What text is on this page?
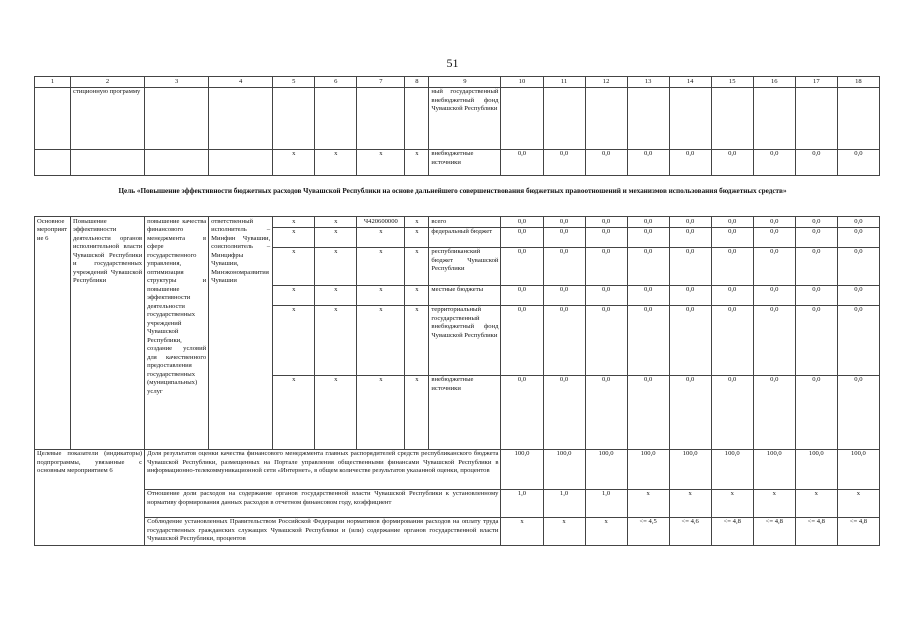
51
1	2	3	4	5	6	7	8	9	10	11	12	13	14	15	16	17	18
	стиционную программу							ный государственный внебюджетный фонд Чувашской Республики									
				х	х	х	х	внебюджетные источники	0,0	0,0	0,0	0,0	0,0	0,0	0,0	0,0	0,0
Цель «Повышение эффективности бюджетных расходов Чувашской Республики на основе дальнейшего совершенствования бюджетных правоотношений и механизмов использования бюджетных средств»
Основное мероприятие 6	Повышение эффективности деятельности органов исполнительной власти Чувашской Республики и государственных учреждений Чувашской Республики	повышение качества финансового менеджмента в сфере государственного управления, оптимизация структуры и повышение эффективности деятельности государственных учреждений Чувашской Республики, создание условий для качественного предоставления государственных (муниципальных) услуг	ответственный исполнитель – Минфин Чувашии, соисполнитель – Минцифры Чувашии, Минэкономразвития Чувашии	х	х	Ч420600000	х	всего	0,0	0,0	0,0	0,0	0,0	0,0	0,0	0,0	0,0
				х	х	х	х	федеральный бюджет	0,0	0,0	0,0	0,0	0,0	0,0	0,0	0,0	0,0
				х	х	х	х	республиканский бюджет Чувашской Республики	0,0	0,0	0,0	0,0	0,0	0,0	0,0	0,0	0,0
				х	х	х	х	местные бюджеты	0,0	0,0	0,0	0,0	0,0	0,0	0,0	0,0	0,0
				х	х	х	х	территориальный государственный внебюджетный фонд Чувашской Республики	0,0	0,0	0,0	0,0	0,0	0,0	0,0	0,0	0,0
				х	х	х	х	внебюджетные источники	0,0	0,0	0,0	0,0	0,0	0,0	0,0	0,0	0,0
Целевые показатели (индикаторы) подпрограммы, увязанные с основным мероприятием 6		Доля результатов оценки качества финансового менеджмента главных распорядителей средств республиканского бюджета Чувашской Республики, размещенных на Портале управления общественными финансами Чувашской Республики в информационно-телекоммуникационной сети «Интернет», в общем количестве результатов указанной оценки, процентов							100,0	100,0	100,0	100,0	100,0	100,0	100,0	100,0	100,0
		Отношение доли расходов на содержание органов государственной власти Чувашской Республики к установленному нормативу формирования данных расходов в отчетном финансовом году, коэффициент							1,0	1,0	1,0	х	х	х	х	х	х
		Соблюдение установленных Правительством Российской Федерации нормативов формирования расходов на оплату труда государственных гражданских служащих Чувашской Республики и (или) содержание органов государственной власти Чувашской Республики, процентов							х	х	х	<= 4,5	<= 4,6	<= 4,8	<= 4,8	<= 4,8	<= 4,8
